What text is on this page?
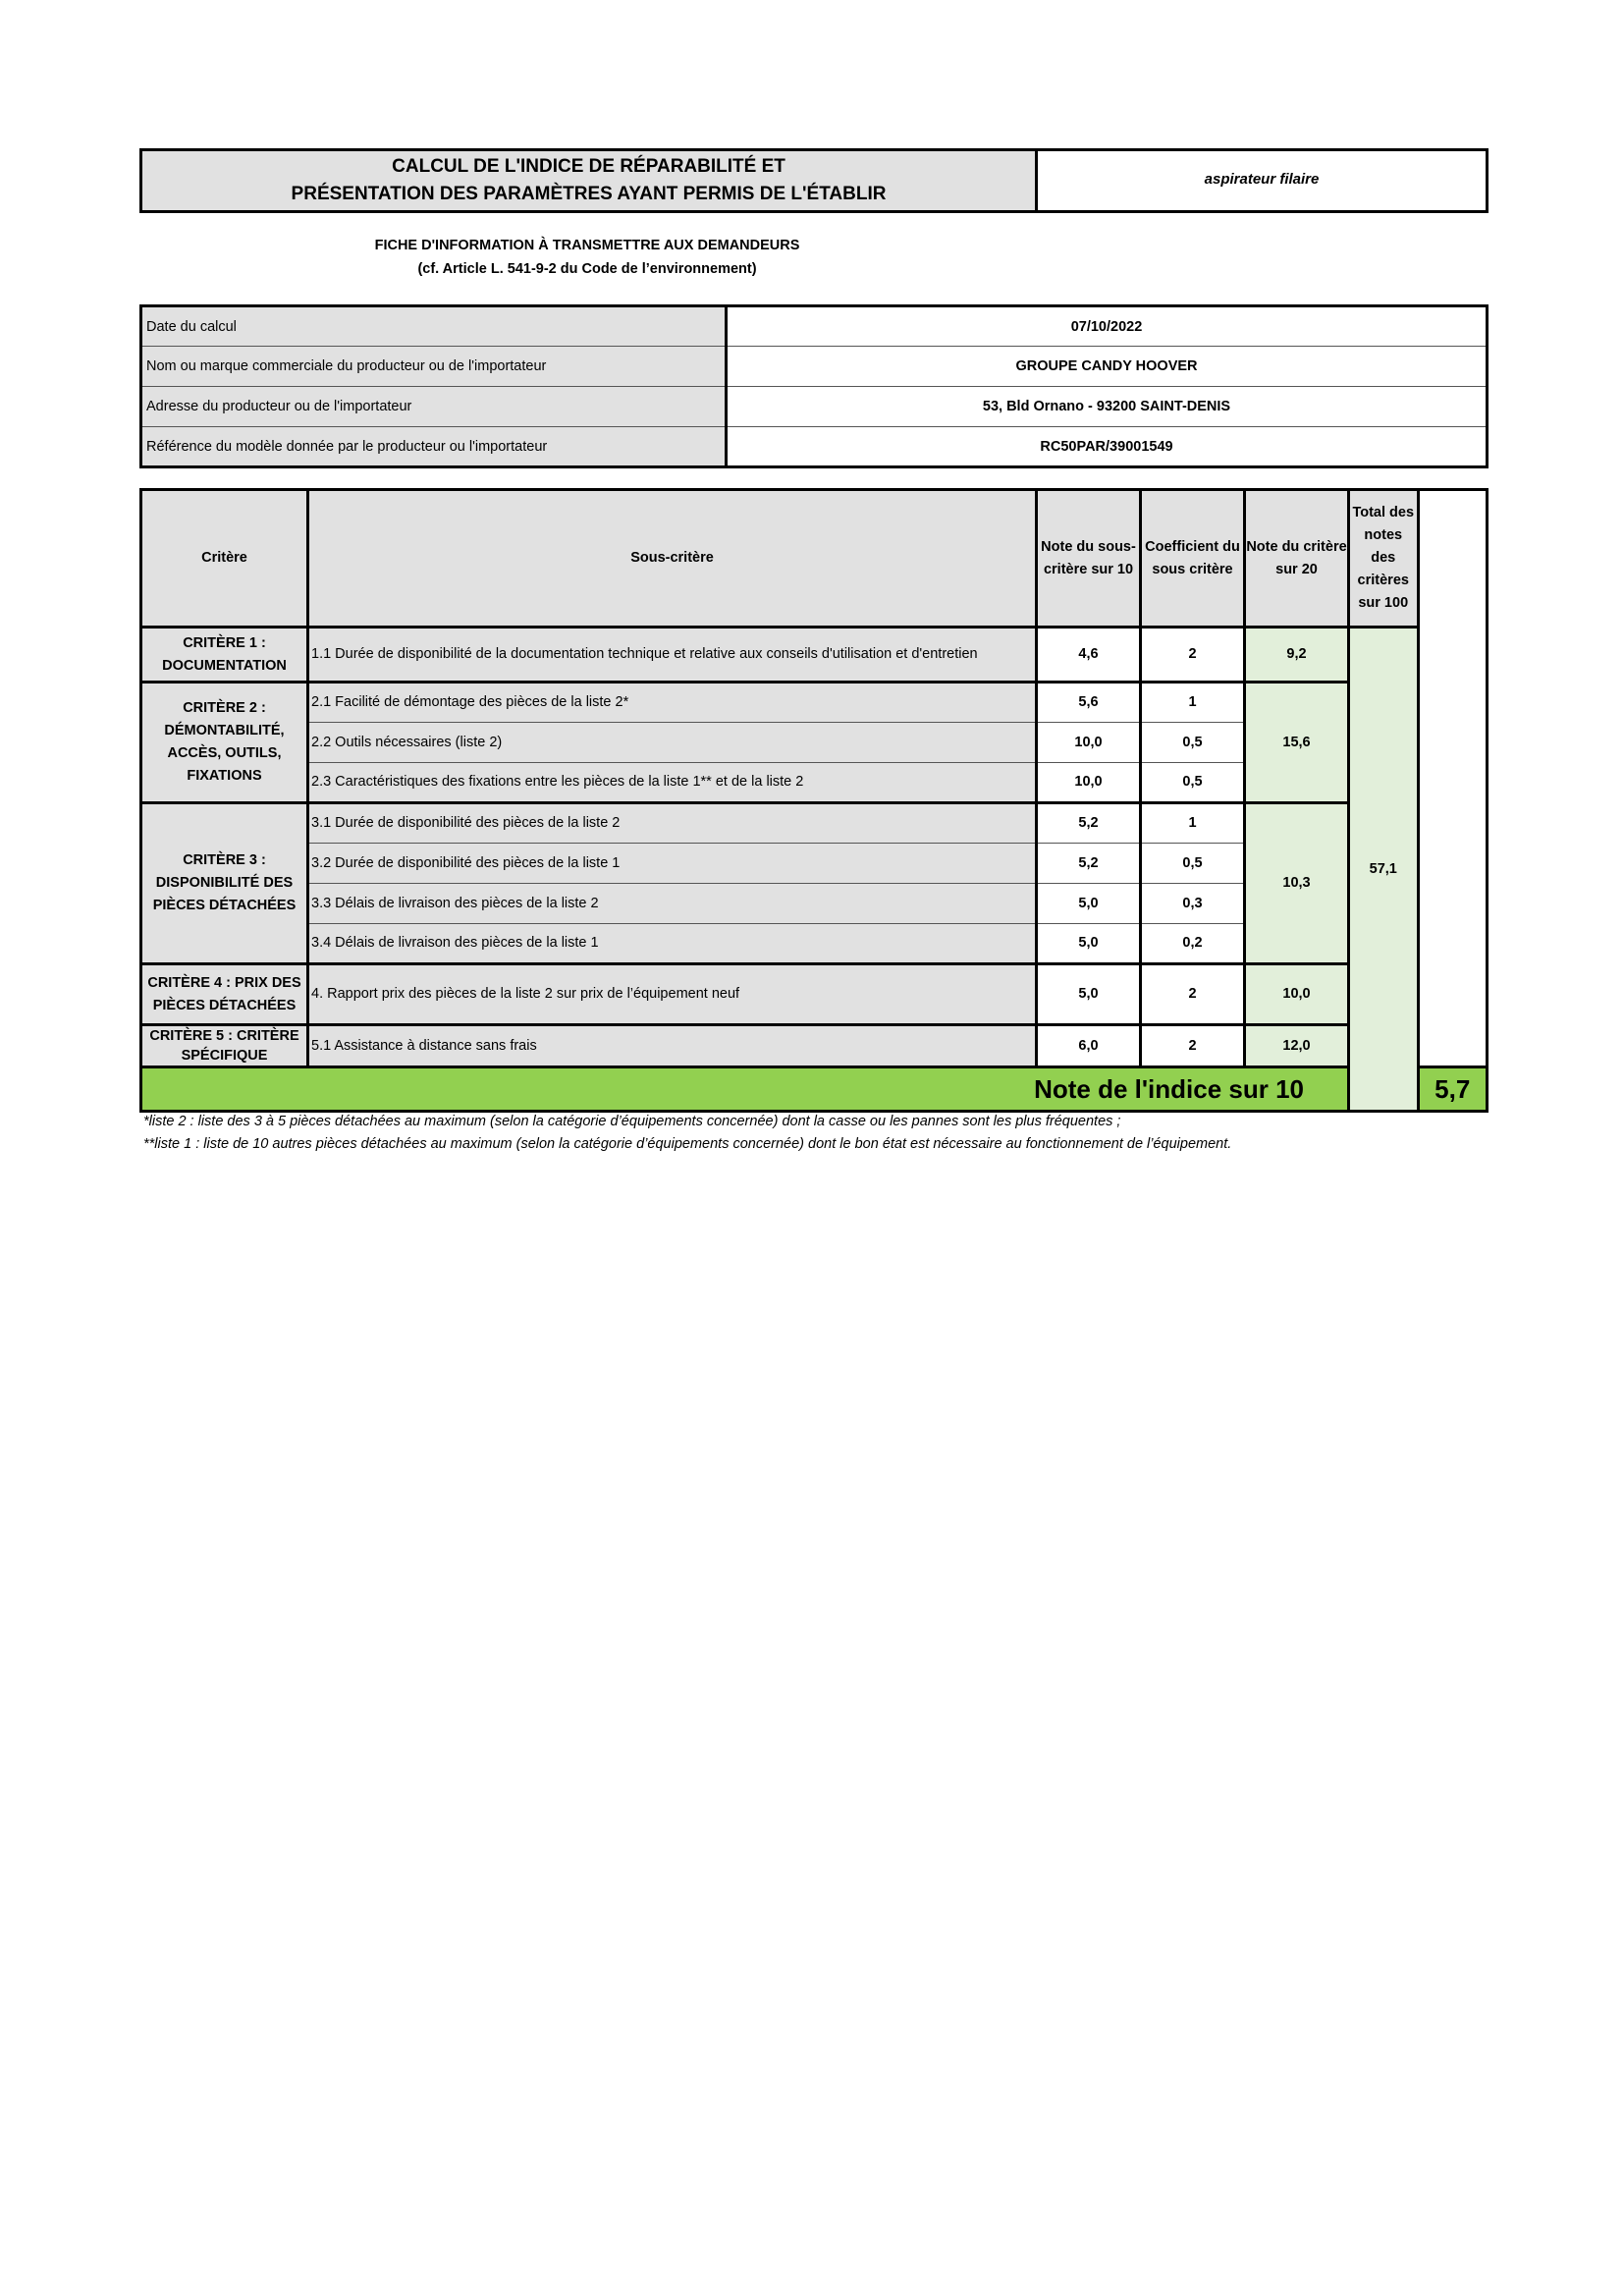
CALCUL DE L'INDICE DE RÉPARABILITÉ ET
PRÉSENTATION DES PARAMÈTRES AYANT PERMIS DE L'ÉTABLIR
aspirateur filaire
FICHE D'INFORMATION À TRANSMETTRE AUX DEMANDEURS
(cf. Article L. 541-9-2 du Code de l’environnement)
Date du calcul	07/10/2022
Nom ou marque commerciale du producteur ou de l'importateur	GROUPE CANDY HOOVER
Adresse du producteur ou de l'importateur	53, Bld Ornano - 93200 SAINT-DENIS
Référence du modèle donnée par le producteur ou l'importateur	RC50PAR/39001549
Critère	Sous-critère	Note du sous-critère sur 10	Coefficient du sous critère	Note du critère sur 20	Total des notes des critères sur 100	
CRITÈRE 1 : DOCUMENTATION	1.1 Durée de disponibilité de la documentation technique et relative aux conseils d'utilisation et d'entretien	4,6	2	9,2	57,1	
CRITÈRE 2 : DÉMONTABILITÉ, ACCÈS, OUTILS, FIXATIONS	2.1 Facilité de démontage des pièces de la liste 2*	5,6	1	15,6		
	2.2 Outils nécessaires (liste 2)	10,0	0,5			
	2.3 Caractéristiques des fixations entre les pièces de la liste 1** et de la liste 2	10,0	0,5			
CRITÈRE 3 : DISPONIBILITÉ DES PIÈCES DÉTACHÉES	3.1 Durée de disponibilité des pièces de la liste 2	5,2	1	10,3		
	3.2 Durée de disponibilité des pièces de la liste 1	5,2	0,5			
	3.3 Délais de livraison des pièces de la liste 2	5,0	0,3			
	3.4 Délais de livraison des pièces de la liste 1	5,0	0,2			
CRITÈRE 4 : PRIX DES PIÈCES DÉTACHÉES	4. Rapport prix des pièces de la liste 2 sur prix de l’équipement neuf	5,0	2	10,0		
CRITÈRE 5 : CRITÈRE SPÉCIFIQUE	5.1 Assistance à distance sans frais	6,0	2	12,0		
Note de l'indice sur 10						5,7
*liste 2 : liste des 3 à 5 pièces détachées au maximum (selon la catégorie d’équipements concernée) dont la casse ou les pannes sont les plus fréquentes ;
**liste 1 : liste de 10 autres pièces détachées au maximum (selon la catégorie d’équipements concernée) dont le bon état est nécessaire au fonctionnement de l’équipement.
